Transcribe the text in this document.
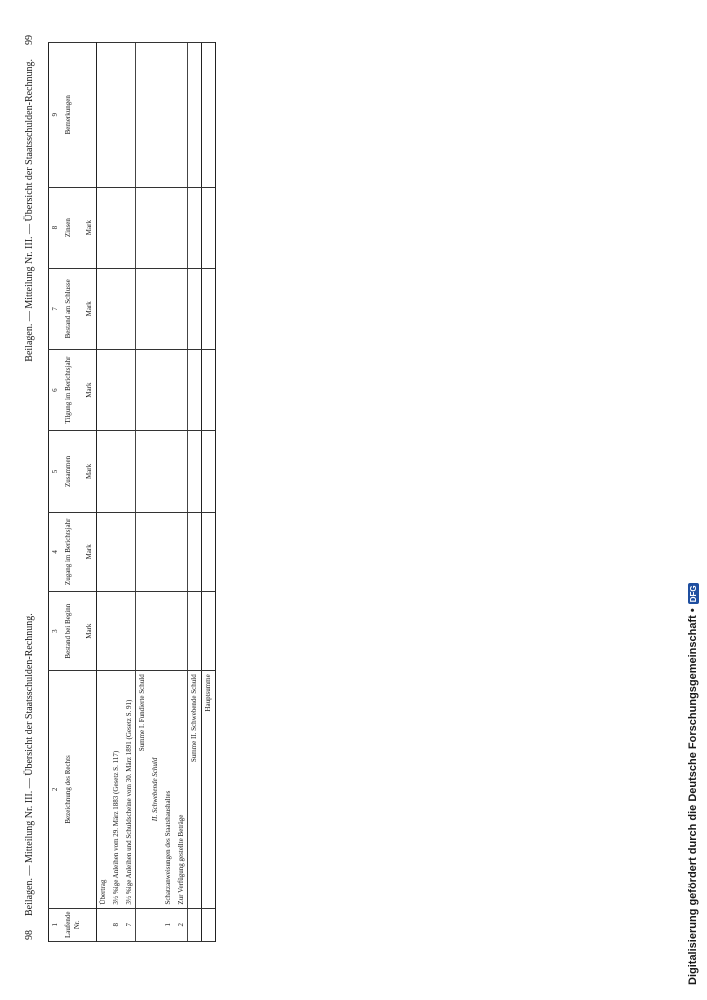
98
Beilagen. — Mitteilung Nr. III. — Übersicht der Staatsschulden-Rechnung.
Beilagen. — Mitteilung Nr. III. — Übersicht der Staatsschulden-Rechnung.
99
1	2	3	4	5	6	7	8	9
Laufende Nr.	Bezeichnung des Rechts	Bestand bei Beginn	Zugang im Berichtsjahr	Zusammen	Tilgung im Berichtsjahr	Bestand am Schlusse	Zinsen	Bemerkungen
		Mark	Mark	Mark	Mark	Mark	Mark	
	Übertrag							
8	3½ %ige Anleihen vom 29. März 1883 (Gesetz S. 117)							
7	3½ %ige Anleihen und Schuldscheine vom 30. März 1891 (Gesetz S. 91)							
	Summe I. Fundierte Schuld							
	II. Schwebende Schuld							
1	Schatzanweisungen des Staatshaushaltes							
2	Zur Verfügung gestellte Beträge							
	Summe II. Schwebende Schuld							
	Hauptsumme								Digitalisierung gefördert durch die Deutsche Forschungsgemeinschaft •
DFG
